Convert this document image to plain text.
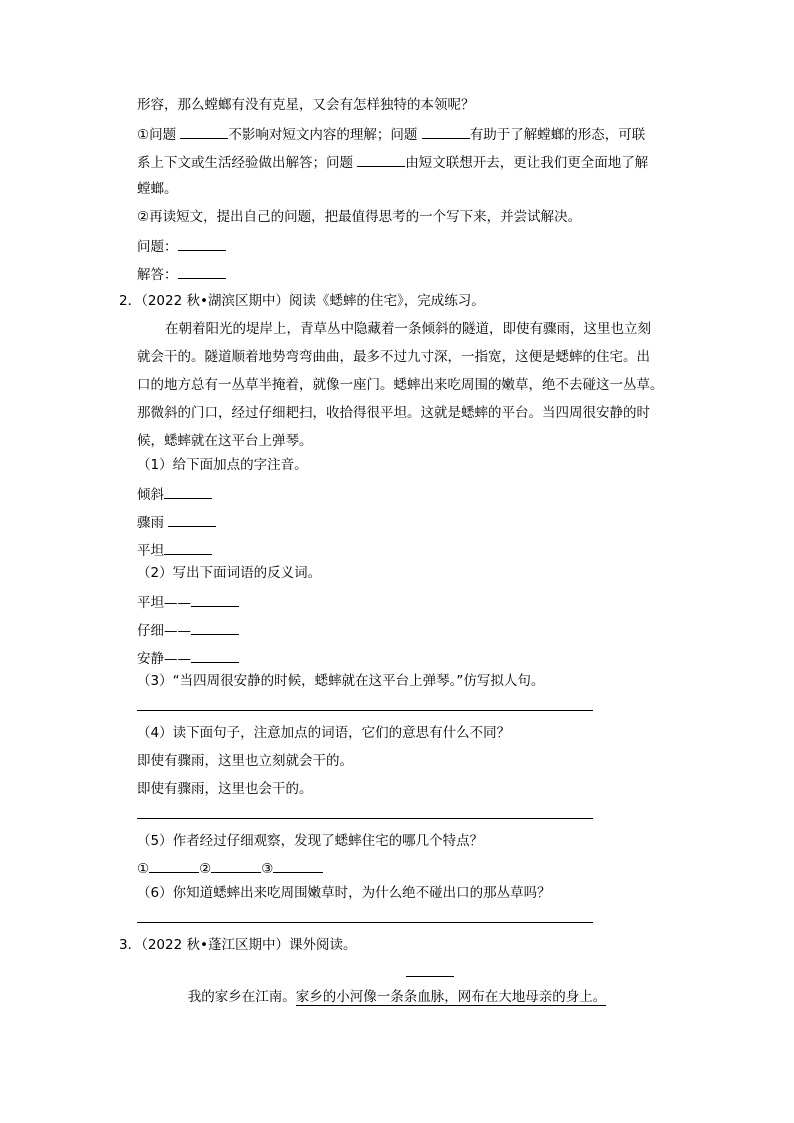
形容，那么螳螂有没有克星，又会有怎样独特的本领呢？
①问题	不影响对短文内容的理解；问题	有助于了解螳螂的形态，可联
系上下文或生活经验做出解答；问题	由短文联想开去，更让我们更全面地了解
螳螂。
②再读短文，提出自己的问题，把最值得思考的一个写下来，并尝试解决。
问题：
解答：
2．（2022 秋•湖滨区期中）阅读《蟋蟀的住宅》，完成练习。
在朝着阳光的堤岸上，青草丛中隐藏着一条倾斜的隧道，即使有骤雨，这里也立刻
就会干的。隧道顺着地势弯弯曲曲，最多不过九寸深，一指宽，这便是蟋蟀的住宅。出
口的地方总有一丛草半掩着，就像一座门。蟋蟀出来吃周围的嫩草，绝不去碰这一丛草。
那微斜的门口，经过仔细耙扫，收拾得很平坦。这就是蟋蟀的平台。当四周很安静的时
候，蟋蟀就在这平台上弹琴。
（1）给下面加点的字注音。
倾斜
骤雨
平坦
（2）写出下面词语的反义词。
平坦——
仔细——
安静——
（3）“当四周很安静的时候，蟋蟀就在这平台上弹琴。”仿写拟人句。
（4）读下面句子，注意加点的词语，它们的意思有什么不同？
即使有骤雨，这里也立刻就会干的。
即使有骤雨，这里也会干的。
（5）作者经过仔细观察，发现了蟋蟀住宅的哪几个特点？
①	②	③
（6）你知道蟋蟀出来吃周围嫩草时，为什么绝不碰出口的那丛草吗？
3．（2022 秋•蓬江区期中）课外阅读。
我的家乡在江南。家乡的小河像一条条血脉，网布在大地母亲的身上。
